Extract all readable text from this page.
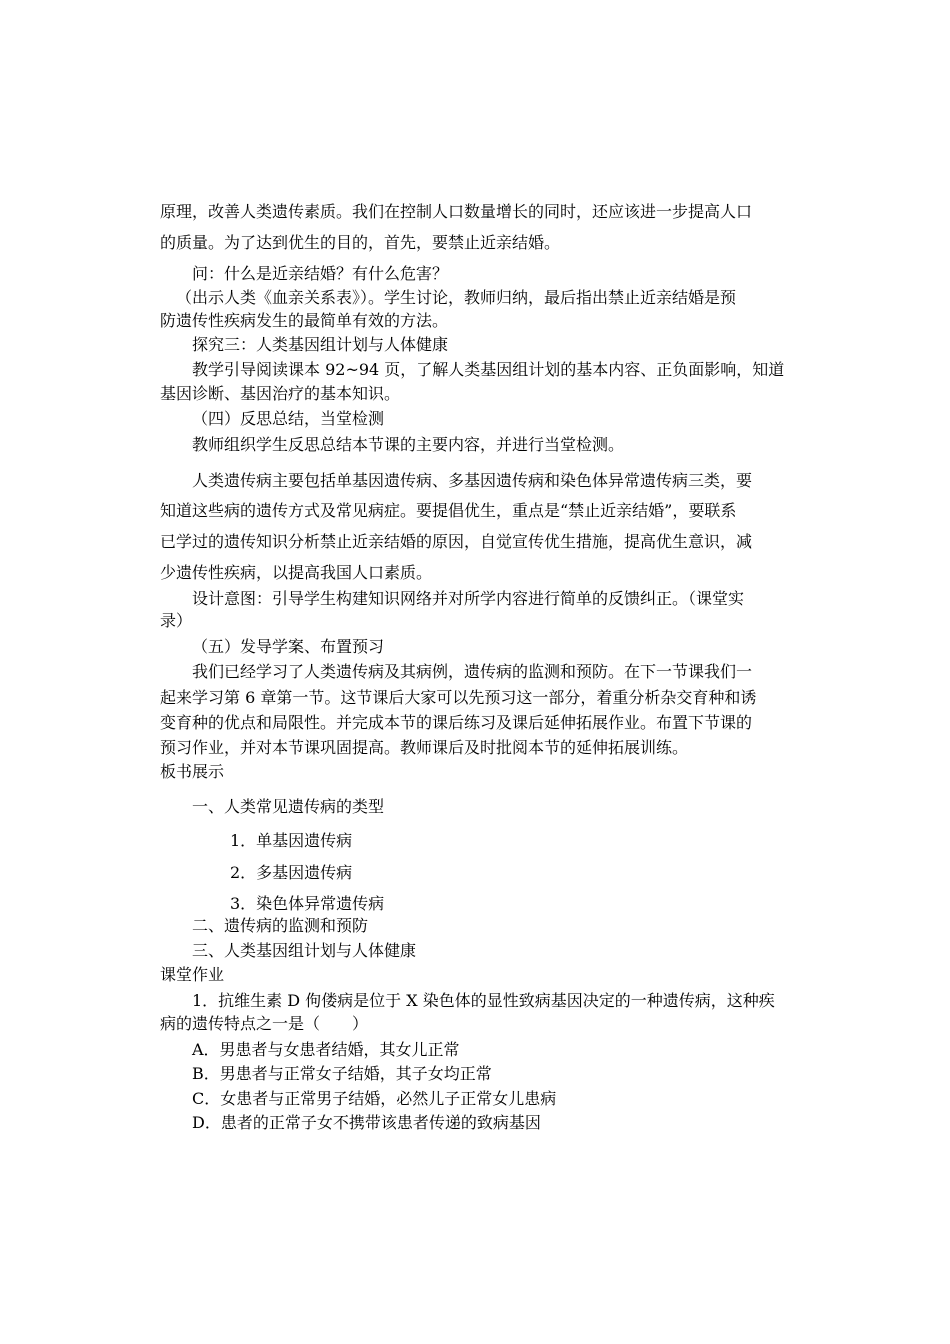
原理，改善人类遗传素质。我们在控制人口数量增长的同时，还应该进一步提高人口
的质量。为了达到优生的目的，首先，要禁止近亲结婚。
问：什么是近亲结婚？有什么危害？
（出示人类《血亲关系表》）。学生讨论，教师归纳，最后指出禁止近亲结婚是预
防遗传性疾病发生的最简单有效的方法。
探究三：人类基因组计划与人体健康
教学引导阅读课本 92~94 页，了解人类基因组计划的基本内容、正负面影响，知道
基因诊断、基因治疗的基本知识。
（四）反思总结，当堂检测
教师组织学生反思总结本节课的主要内容，并进行当堂检测。
人类遗传病主要包括单基因遗传病、多基因遗传病和染色体异常遗传病三类，要
知道这些病的遗传方式及常见病症。要提倡优生，重点是“禁止近亲结婚”，要联系
已学过的遗传知识分析禁止近亲结婚的原因，自觉宣传优生措施，提高优生意识，减
少遗传性疾病，以提高我国人口素质。
设计意图：引导学生构建知识网络并对所学内容进行简单的反馈纠正。（课堂实
录）
（五）发导学案、布置预习
我们已经学习了人类遗传病及其病例，遗传病的监测和预防。在下一节课我们一
起来学习第 6 章第一节。这节课后大家可以先预习这一部分，着重分析杂交育种和诱
变育种的优点和局限性。并完成本节的课后练习及课后延伸拓展作业。布置下节课的
预习作业，并对本节课巩固提高。教师课后及时批阅本节的延伸拓展训练。
板书展示
一、人类常见遗传病的类型
1．单基因遗传病
2．多基因遗传病
3．染色体异常遗传病
二、遗传病的监测和预防
三、人类基因组计划与人体健康
课堂作业
1．抗维生素 D 佝偻病是位于 X 染色体的显性致病基因决定的一种遗传病，这种疾
病的遗传特点之一是（　　）
A．男患者与女患者结婚，其女儿正常
B．男患者与正常女子结婚，其子女均正常
C．女患者与正常男子结婚，必然儿子正常女儿患病
D．患者的正常子女不携带该患者传递的致病基因
